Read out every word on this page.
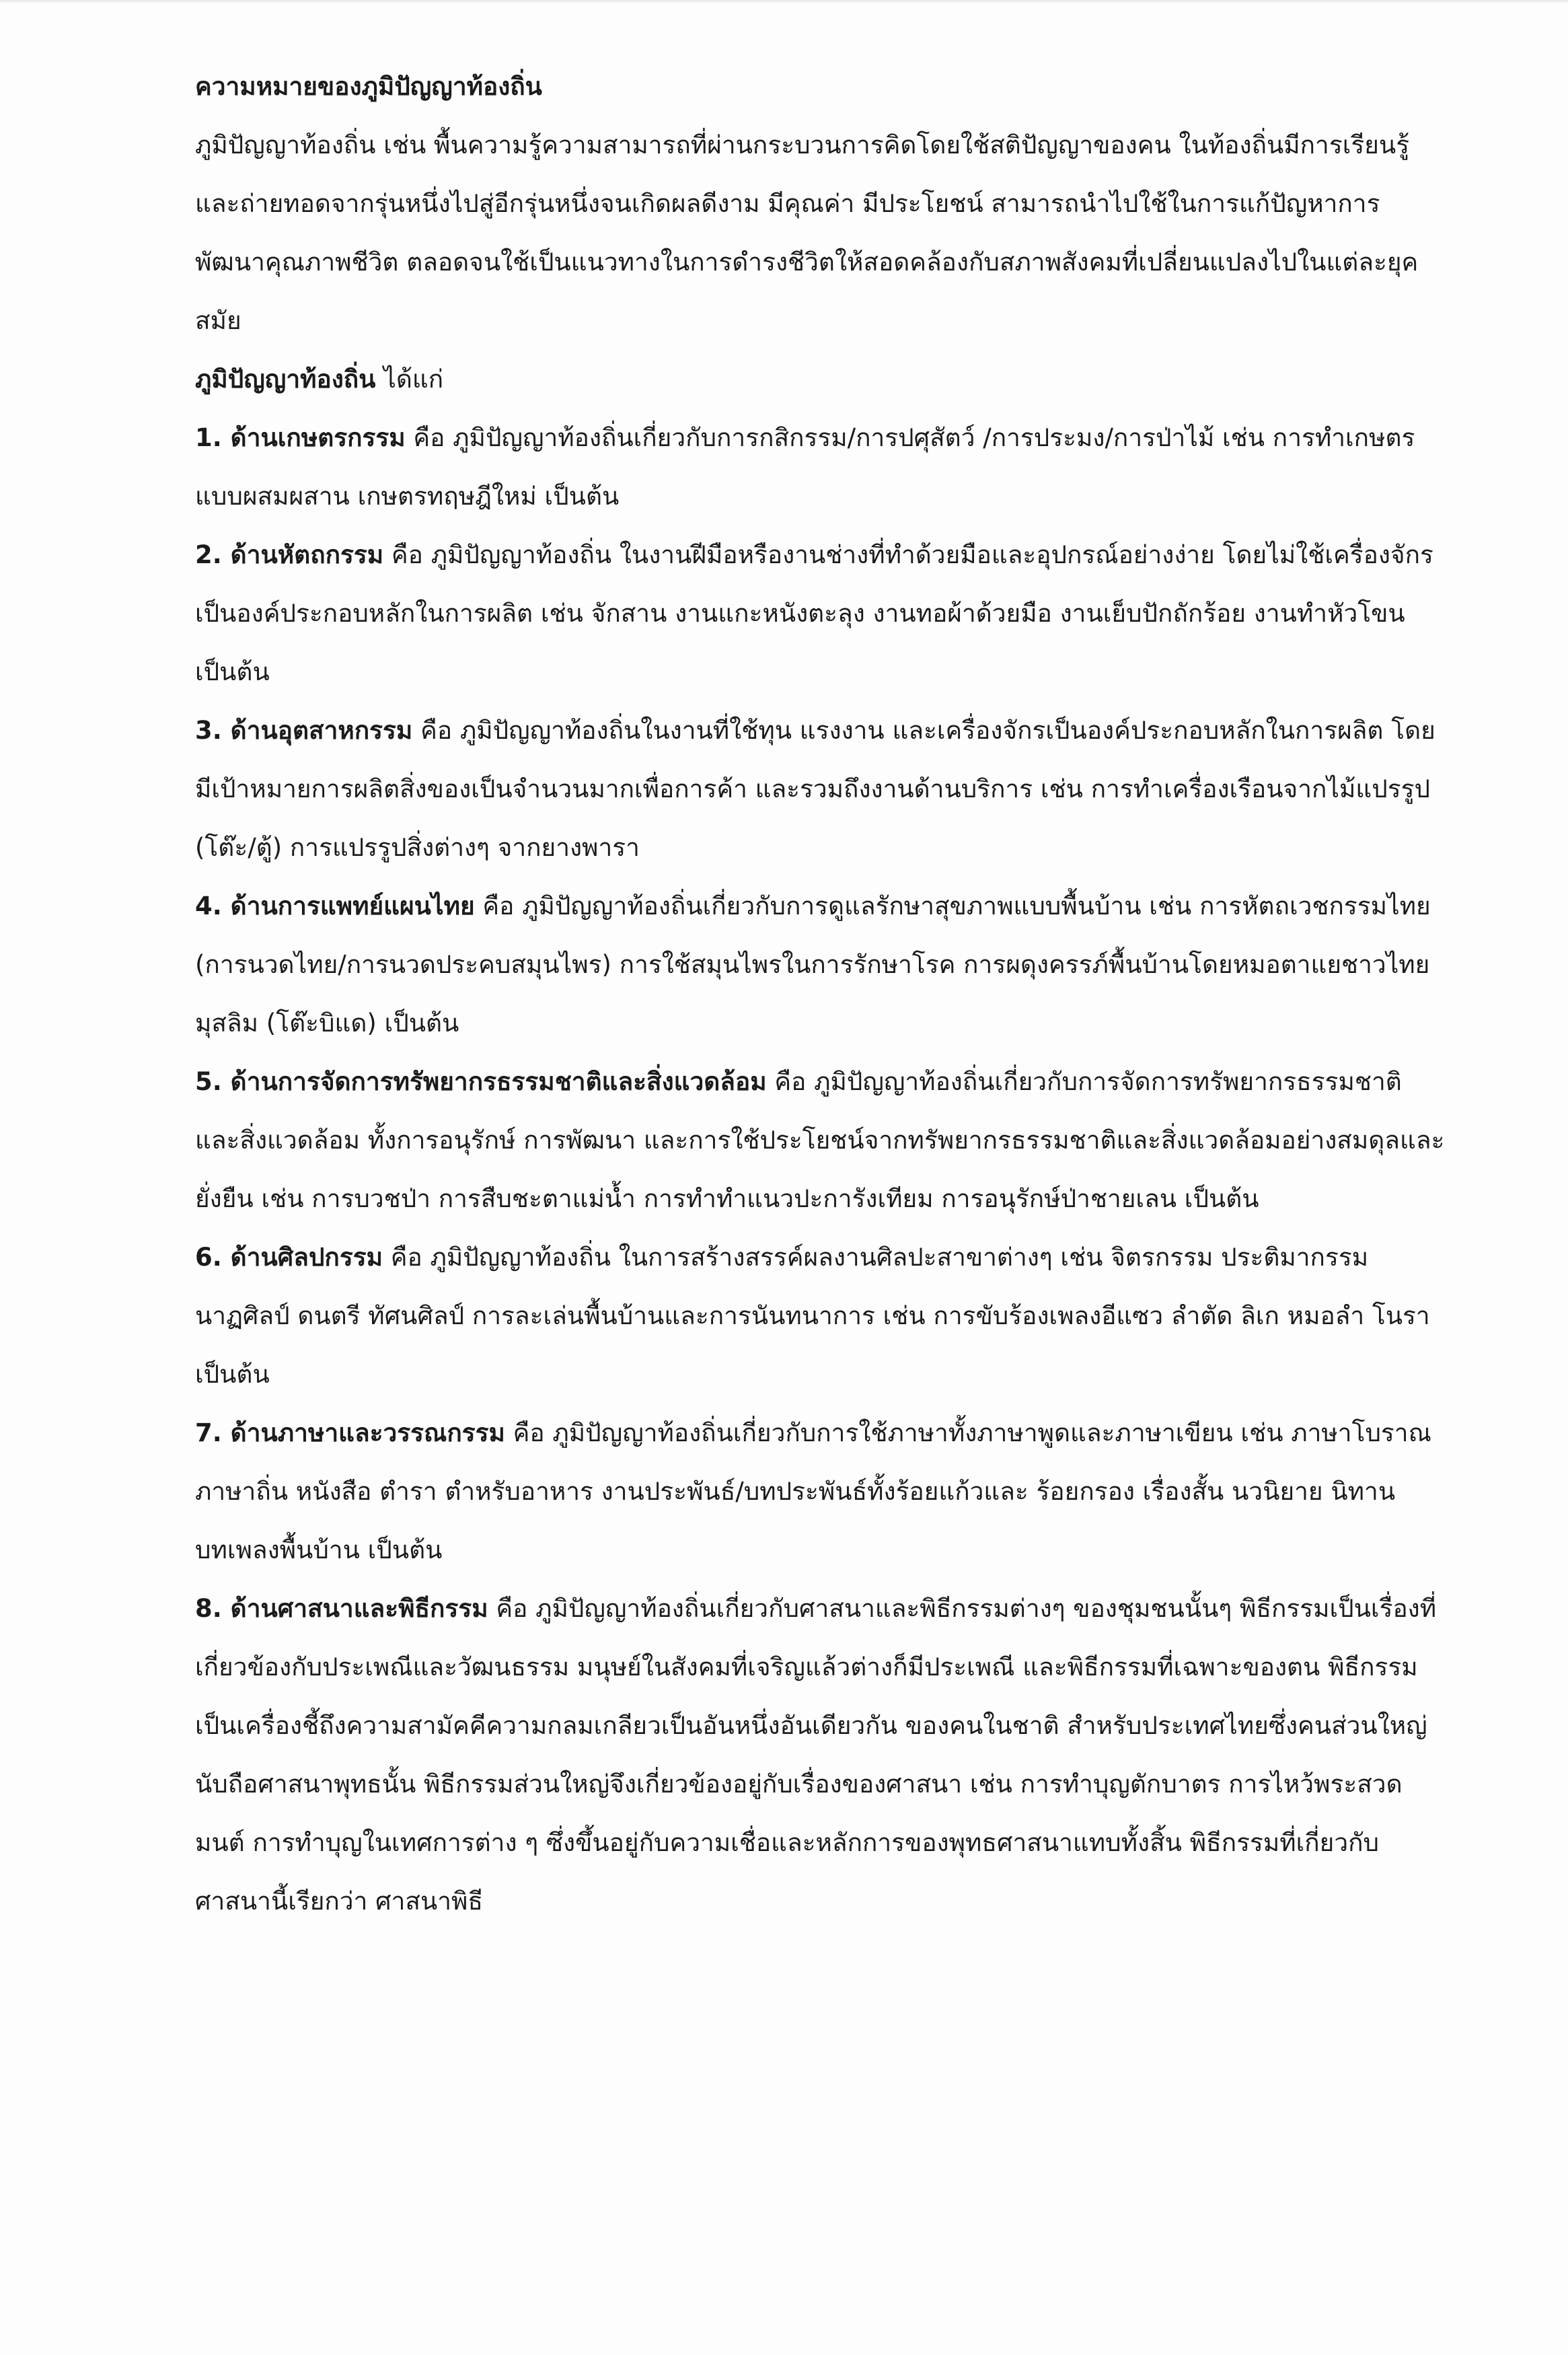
ความหมายของภูมิปัญญาท้องถิ่น

ภูมิปัญญาท้องถิ่น เช่น พื้นความรู้ความสามารถที่ผ่านกระบวนการคิดโดยใช้สติปัญญาของคน ในท้องถิ่นมีการเรียนรู้และถ่ายทอดจากรุ่นหนึ่งไปสู่อีกรุ่นหนึ่งจนเกิดผลดีงาม มีคุณค่า มีประโยชน์ สามารถนำไปใช้ในการแก้ปัญหาการพัฒนาคุณภาพชีวิต ตลอดจนใช้เป็นแนวทางในการดำรงชีวิตให้สอดคล้องกับสภาพสังคมที่เปลี่ยนแปลงไปในแต่ละยุคสมัย

ภูมิปัญญาท้องถิ่น ได้แก่

1. ด้านเกษตรกรรม คือ ภูมิปัญญาท้องถิ่นเกี่ยวกับการกสิกรรม/การปศุสัตว์ /การประมง/การป่าไม้ เช่น การทำเกษตรแบบผสมผสาน เกษตรทฤษฎีใหม่ เป็นต้น

2. ด้านหัตถกรรม คือ ภูมิปัญญาท้องถิ่น ในงานฝีมือหรืองานช่างที่ทำด้วยมือและอุปกรณ์อย่างง่าย โดยไม่ใช้เครื่องจักรเป็นองค์ประกอบหลักในการผลิต เช่น จักสาน งานแกะหนังตะลุง งานทอผ้าด้วยมือ งานเย็บปักถักร้อย งานทำหัวโขนเป็นต้น

3. ด้านอุตสาหกรรม คือ ภูมิปัญญาท้องถิ่นในงานที่ใช้ทุน แรงงาน และเครื่องจักรเป็นองค์ประกอบหลักในการผลิต โดยมีเป้าหมายการผลิตสิ่งของเป็นจำนวนมากเพื่อการค้า และรวมถึงงานด้านบริการ เช่น การทำเครื่องเรือนจากไม้แปรรูป (โต๊ะ/ตู้) การแปรรูปสิ่งต่างๆ จากยางพารา

4. ด้านการแพทย์แผนไทย คือ ภูมิปัญญาท้องถิ่นเกี่ยวกับการดูแลรักษาสุขภาพแบบพื้นบ้าน เช่น การหัตถเวชกรรมไทย (การนวดไทย/การนวดประคบสมุนไพร) การใช้สมุนไพรในการรักษาโรค การผดุงครรภ์พื้นบ้านโดยหมอตาแยชาวไทยมุสลิม (โต๊ะบิแด) เป็นต้น

5. ด้านการจัดการทรัพยากรธรรมชาติและสิ่งแวดล้อม คือ ภูมิปัญญาท้องถิ่นเกี่ยวกับการจัดการทรัพยากรธรรมชาติและสิ่งแวดล้อม ทั้งการอนุรักษ์ การพัฒนา และการใช้ประโยชน์จากทรัพยากรธรรมชาติและสิ่งแวดล้อมอย่างสมดุลและยั่งยืน เช่น การบวชป่า การสืบชะตาแม่น้ำ การทำทำแนวปะการังเทียม การอนุรักษ์ป่าชายเลน เป็นต้น

6. ด้านศิลปกรรม คือ ภูมิปัญญาท้องถิ่น ในการสร้างสรรค์ผลงานศิลปะสาขาต่างๆ เช่น จิตรกรรม ประติมากรรม นาฏศิลป์ ดนตรี ทัศนศิลป์ การละเล่นพื้นบ้านและการนันทนาการ เช่น การขับร้องเพลงอีแซว ลำตัด ลิเก หมอลำ โนรา เป็นต้น

7. ด้านภาษาและวรรณกรรม คือ ภูมิปัญญาท้องถิ่นเกี่ยวกับการใช้ภาษาทั้งภาษาพูดและภาษาเขียน เช่น ภาษาโบราณ ภาษาถิ่น หนังสือ ตำรา ตำหรับอาหาร งานประพันธ์/บทประพันธ์ทั้งร้อยแก้วและ ร้อยกรอง เรื่องสั้น นวนิยาย นิทาน บทเพลงพื้นบ้าน เป็นต้น

8. ด้านศาสนาและพิธีกรรม คือ ภูมิปัญญาท้องถิ่นเกี่ยวกับศาสนาและพิธีกรรมต่างๆ ของชุมชนนั้นๆ พิธีกรรมเป็นเรื่องที่เกี่ยวข้องกับประเพณีและวัฒนธรรม มนุษย์ในสังคมที่เจริญแล้วต่างก็มีประเพณี และพิธีกรรมที่เฉพาะของตน พิธีกรรมเป็นเครื่องชี้ถึงความสามัคคีความกลมเกลียวเป็นอันหนึ่งอันเดียวกัน ของคนในชาติ สำหรับประเทศไทยซึ่งคนส่วนใหญ่นับถือศาสนาพุทธนั้น พิธีกรรมส่วนใหญ่จึงเกี่ยวข้องอยู่กับเรื่องของศาสนา เช่น การทำบุญตักบาตร การไหว้พระสวดมนต์ การทำบุญในเทศการต่าง ๆ ซึ่งขึ้นอยู่กับความเชื่อและหลักการของพุทธศาสนาแทบทั้งสิ้น พิธีกรรมที่เกี่ยวกับศาสนานี้เรียกว่า ศาสนาพิธี
